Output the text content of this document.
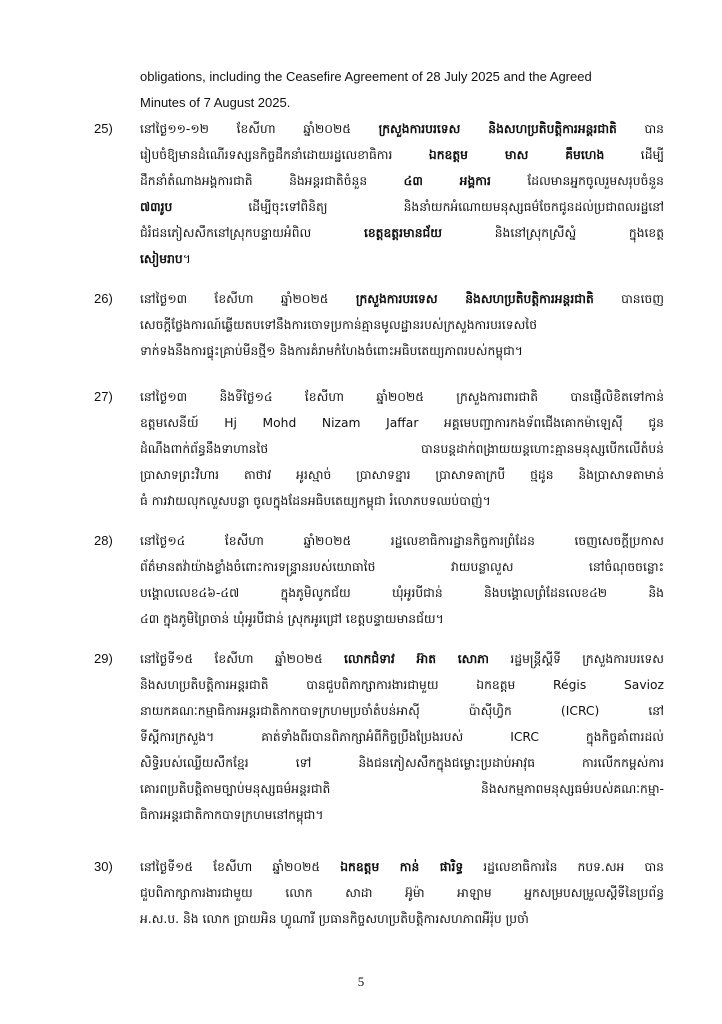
obligations, including the Ceasefire Agreement of 28 July 2025 and the Agreed

Minutes of 7 August 2025.

25)	នៅថ្ងៃ១១-១២ ខែសីហា ឆ្នាំ២០២៥ ក្រសួងការបរទេស និងសហប្រតិបត្តិការអន្តរជាតិ បាន
រៀបចំឱ្យមានដំណើរទស្សនកិច្ចដឹកនាំដោយរដ្ឋលេខាធិការ ឯកឧត្តម មាស គឹមហេង ដើម្បី
ដឹកនាំតំណាងអង្គការជាតិ និងអន្តរជាតិចំនួន ៤៣ អង្គការ ដែលមានអ្នកចូលរួមសរុបចំនួន
៧៣រូប ដើម្បីចុះទៅពិនិត្យ និងនាំយកអំណោយមនុស្សធម៌ចែកជូនដល់ប្រជាពលរដ្ឋនៅ
ជំរំជនភៀសសឹកនៅស្រុកបន្ទាយអំពិល ខេត្តឧត្តរមានជ័យ និងនៅស្រុកស្រីស្នំ ក្នុងខេត្ត
សៀមរាប។
26)	នៅថ្ងៃ១៣ ខែសីហា ឆ្នាំ២០២៥ ក្រសួងការបរទេស និងសហប្រតិបត្តិការអន្តរជាតិ បានចេញ
សេចក្តីថ្លែងការណ៍ឆ្លើយតបទៅនឹងការចោទប្រកាន់គ្មានមូលដ្ឋានរបស់ក្រសួងការបរទេសថៃ
ទាក់ទងនឹងការផ្ទុះគ្រាប់មីនថ្មី១ និងការគំរាមកំហែងចំពោះអធិបតេយ្យភាពរបស់កម្ពុជា។
27)	នៅថ្ងៃ១៣ និងទីថ្ងៃ១៤ ខែសីហា ឆ្នាំ២០២៥ ក្រសួងការពារជាតិ បានផ្ញើលិខិតទៅកាន់
ឧត្តមសេនីយ៍ Hj Mohd Nizam Jaffar អគ្គមេបញ្ជាការកងទ័ពជើងគោកម៉ាឡេស៊ី ជូន
ដំណឹងពាក់ព័ន្ធនឹងទាហានថៃ បានបន្តដាក់ពង្រាយយន្តហោះគ្មានមនុស្សបើកលើតំបន់
ប្រាសាទព្រះវិហារ តាថាវ អូរស្មាច់ ប្រាសាទខ្នារ ប្រាសាទតាក្របី ថ្មដូន និងប្រាសាទតាមាន់
ធំ ការវាយលុកលួសបន្លា ចូលក្នុងដែនអធិបតេយ្យកម្ពុជា រំលោភបទឈប់បាញ់។
28)	នៅថ្ងៃ១៤ ខែសីហា ឆ្នាំ២០២៥ រដ្ឋលេខាធិការដ្ឋានកិច្ចការព្រំដែន ចេញសេចក្តីប្រកាស
ព័ត៌មានតវ៉ាយ៉ាងខ្លាំងចំពោះការទន្ទ្រានរបស់យោធាថៃ វាយបន្លាលួស នៅចំណុចចន្លោះ
បង្គោលលេខ៤៦-៤៧ ក្នុងភូមិលូកជ័យ ឃុំអូរបីជាន់ និងបង្គោលព្រំដែនលេខ៤២ និង
៤៣ ក្នុងភូមិព្រៃចាន់ ឃុំអូរបីជាន់ ស្រុកអូរជ្រៅ ខេត្តបន្ទាយមានជ័យ។
29)	នៅថ្ងៃទី១៥ ខែសីហា ឆ្នាំ២០២៥ លោកជំទាវ អ៊ាត សោភា រដ្ឋមន្ត្រីស្តីទី ក្រសួងការបរទេស
និងសហប្រតិបត្តិការអន្តរជាតិ បានជួបពិភាក្សាការងារជាមួយ ឯកឧត្តម Régis Savioz
នាយកគណៈកម្មាធិការអន្តរជាតិកាកបាទក្រហមប្រចាំតំបន់អាស៊ី ប៉ាស៊ីហ្វិក (ICRC) នៅ
ទីស្តីការក្រសួង។ គាត់ទាំងពីរបានពិភាក្សាអំពីកិច្ចប្រឹងប្រែងរបស់ ICRC ក្នុងកិច្ចគាំពារដល់
សិទ្ធិរបស់ឈ្លើយសឹកខ្មែរ ទៅ និងជនភៀសសឹកក្នុងជម្លោះប្រដាប់អាវុធ ការលើកកម្ពស់ការ
គោរពប្រតិបត្តិតាមច្បាប់មនុស្សធម៌អន្តរជាតិ និងសកម្មភាពមនុស្សធម៌របស់គណៈកម្មា-
ធិការអន្តរជាតិកាកបាទក្រហមនៅកម្ពុជា។
30)	នៅថ្ងៃទី១៥ ខែសីហា ឆ្នាំ២០២៥ ឯកឧត្តម កាន់ ផារិទ្ធ រដ្ឋលេខាធិការនៃ កបទ.សអ បាន
ជួបពិភាក្សាការងារជាមួយ លោក សាដា អ៊ូម៉ា អាឡាម អ្នកសម្របសម្រួលស្តីទីនៃប្រព័ន្ធ
អ.ស.ប. និង លោក ប្រាយអិន ហ្វូណារី ប្រធានកិច្ចសហប្រតិបត្តិការសហភាពអឺរ៉ុប ប្រចាំ
5
